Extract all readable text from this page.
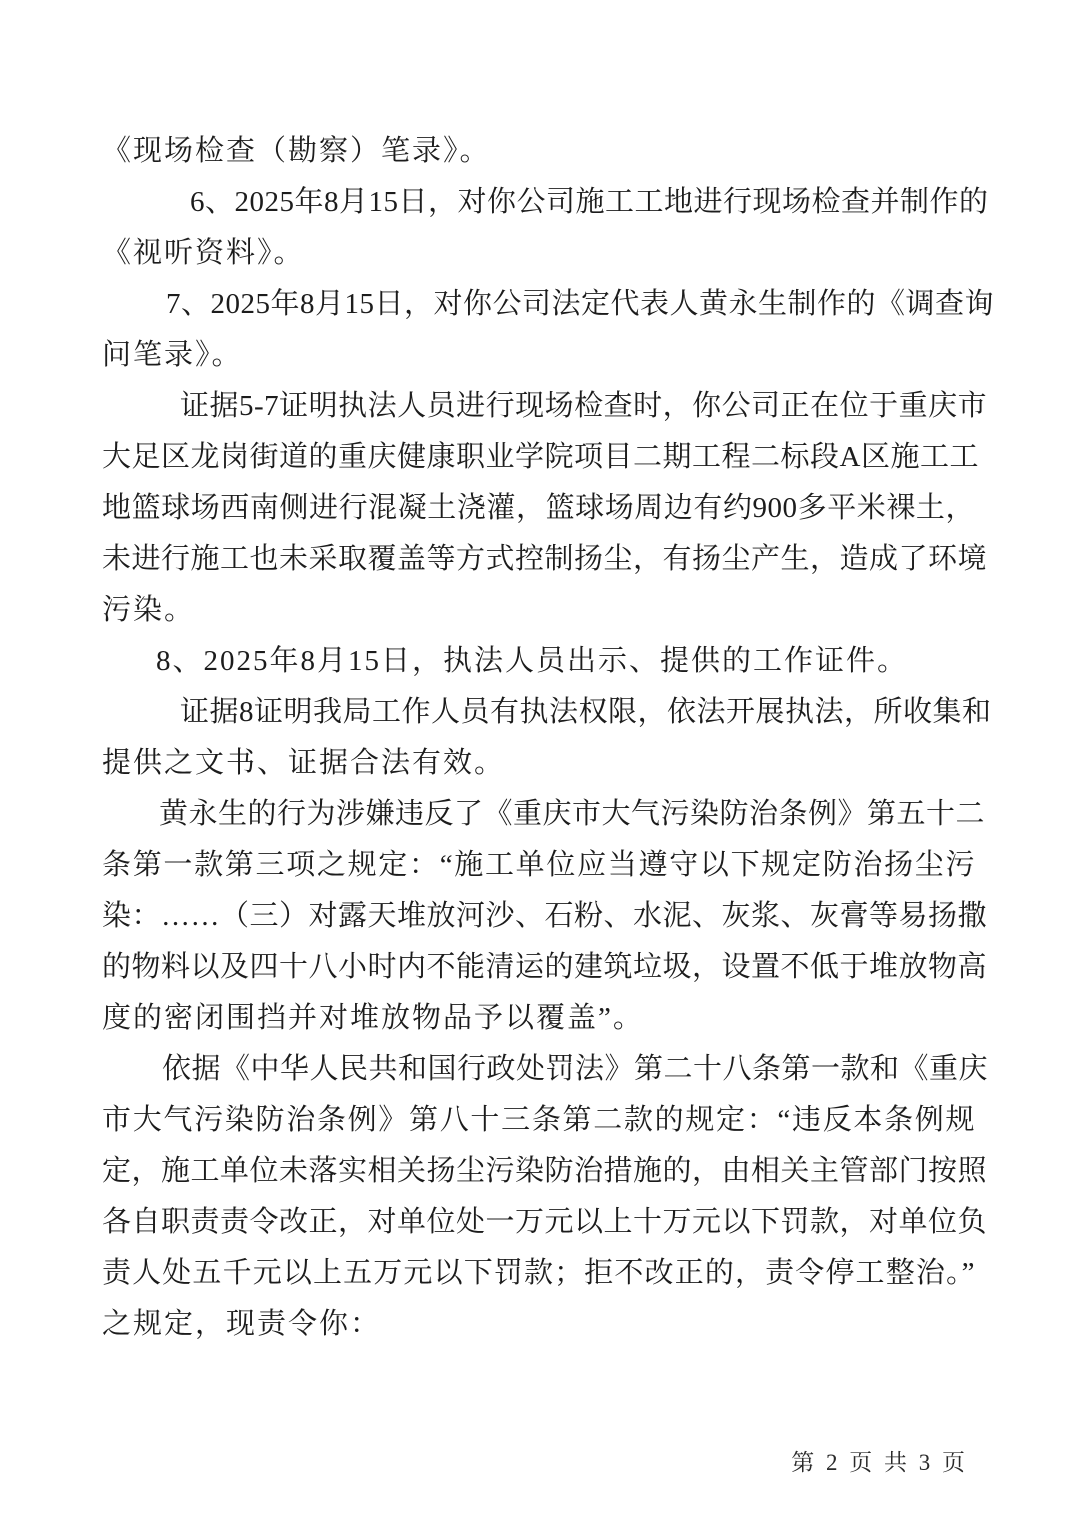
《现场检查（勘察）笔录》。

6、2025年8月15日，对你公司施工工地进行现场检查并制作的
《视听资料》。

7、2025年8月15日，对你公司法定代表人黄永生制作的《调查询
问笔录》。

证据5-7证明执法人员进行现场检查时，你公司正在位于重庆市
大足区龙岗街道的重庆健康职业学院项目二期工程二标段A区施工工
地篮球场西南侧进行混凝土浇灌，篮球场周边有约900多平米裸土，
未进行施工也未采取覆盖等方式控制扬尘，有扬尘产生，造成了环境
污染。

8、2025年8月15日，执法人员出示、提供的工作证件。

证据8证明我局工作人员有执法权限，依法开展执法，所收集和
提供之文书、证据合法有效。

黄永生的行为涉嫌违反了《重庆市大气污染防治条例》第五十二
条第一款第三项之规定：“施工单位应当遵守以下规定防治扬尘污
染：……（三）对露天堆放河沙、石粉、水泥、灰浆、灰膏等易扬撒
的物料以及四十八小时内不能清运的建筑垃圾，设置不低于堆放物高
度的密闭围挡并对堆放物品予以覆盖”。

依据《中华人民共和国行政处罚法》第二十八条第一款和《重庆
市大气污染防治条例》第八十三条第二款的规定：“违反本条例规
定，施工单位未落实相关扬尘污染防治措施的，由相关主管部门按照
各自职责责令改正，对单位处一万元以上十万元以下罚款，对单位负
责人处五千元以上五万元以下罚款；拒不改正的，责令停工整治。”
之规定，现责令你：

第 2 页 共 3 页
